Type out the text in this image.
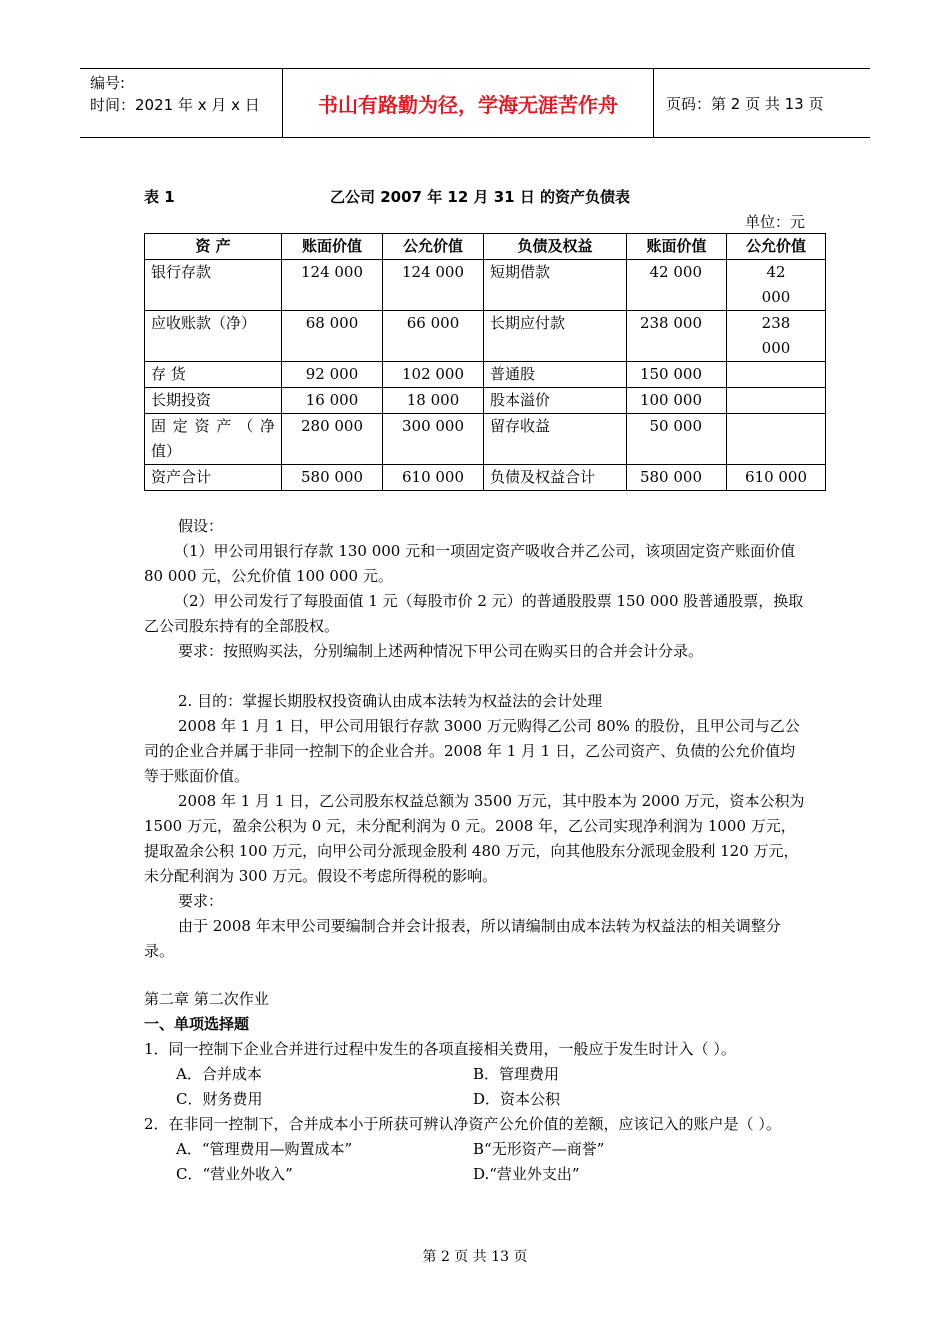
编号:
时间：2021 年 x 月 x 日	书山有路勤为径，学海无涯苦作舟	页码：第 2 页 共 13 页
表 1	乙公司 2007 年 12 月 31 日 的资产负债表
单位：元
资 产	账面价值	公允价值	负债及权益	账面价值	公允价值
银行存款	124 000	124 000	短期借款	42 000	42 000
应收账款（净）	68 000	66 000	长期应付款	238 000	238 000
存 货	92 000	102 000	普通股	150 000	
长期投资	16 000	18 000	股本溢价	100 000	
固 定 资 产 （ 净 值）	280 000	300 000	留存收益	50 000	
资产合计	580 000	610 000	负债及权益合计	580 000	610 000

假设：

（1）甲公司用银行存款 130 000 元和一项固定资产吸收合并乙公司，该项固定资产账面价值 80 000 元，公允价值 100 000 元。

（2）甲公司发行了每股面值 1 元（每股市价 2 元）的普通股股票 150 000 股普通股票，换取乙公司股东持有的全部股权。

要求：按照购买法，分别编制上述两种情况下甲公司在购买日的合并会计分录。

2. 目的：掌握长期股权投资确认由成本法转为权益法的会计处理

2008 年 1 月 1 日，甲公司用银行存款 3000 万元购得乙公司 80% 的股份，且甲公司与乙公司的企业合并属于非同一控制下的企业合并。2008 年 1 月 1 日，乙公司资产、负债的公允价值均等于账面价值。

2008 年 1 月 1 日，乙公司股东权益总额为 3500 万元，其中股本为 2000 万元，资本公积为 1500 万元，盈余公积为 0 元，未分配利润为 0 元。2008 年，乙公司实现净利润为 1000 万元，提取盈余公积 100 万元，向甲公司分派现金股利 480 万元，向其他股东分派现金股利 120 万元，未分配利润为 300 万元。假设不考虑所得税的影响。

要求：

由于 2008 年末甲公司要编制合并会计报表，所以请编制由成本法转为权益法的相关调整分录。

第二章 第二次作业

一、单项选择题

1．同一控制下企业合并进行过程中发生的各项直接相关费用，一般应于发生时计入（ ）。

A．合并成本	B．管理费用
C．财务费用	D．资本公积

2．在非同一控制下，合并成本小于所获可辨认净资产公允价值的差额，应该记入的账户是（ ）。

A．“管理费用—购置成本”	B“无形资产—商誉”
C．“营业外收入”	D.“营业外支出”
第 2 页 共 13 页
